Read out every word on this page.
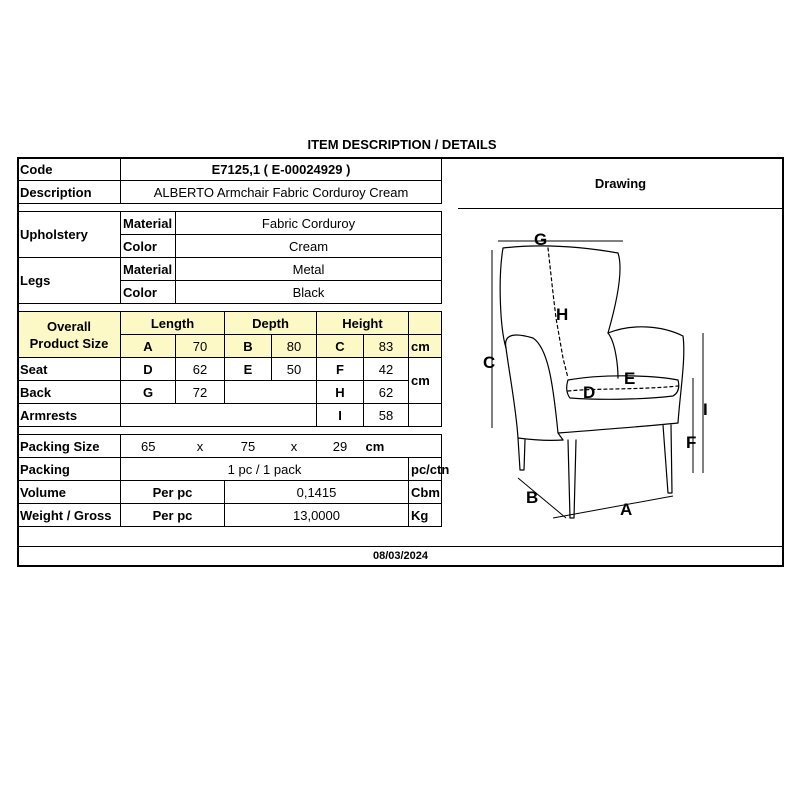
ITEM DESCRIPTION / DETAILS
Code	E7125,1 ( E-00024929 )						
Description	ALBERTO Armchair Fabric Corduroy Cream						

Upholstery	Material	Fabric Corduroy					
	Color	Cream					
Legs	Material	Metal					
	Color	Black					

Overall
Product Size	Length		Depth		Height		
	A	70	B	80	C	83	cm
Seat	D	62	E	50	F	42	cm
Back	G	72			H	62	
Armrests					I	58	

Packing Size	65	x	75	x	29	cm	
Packing	1 pc / 1 pack						pc/ctn
Volume	Per pc		0,1415				Cbm
Weight / Gross	Per pc		13,0000				Kg
Drawing
G
H
C
D
E
I
F
B
A
08/03/2024
